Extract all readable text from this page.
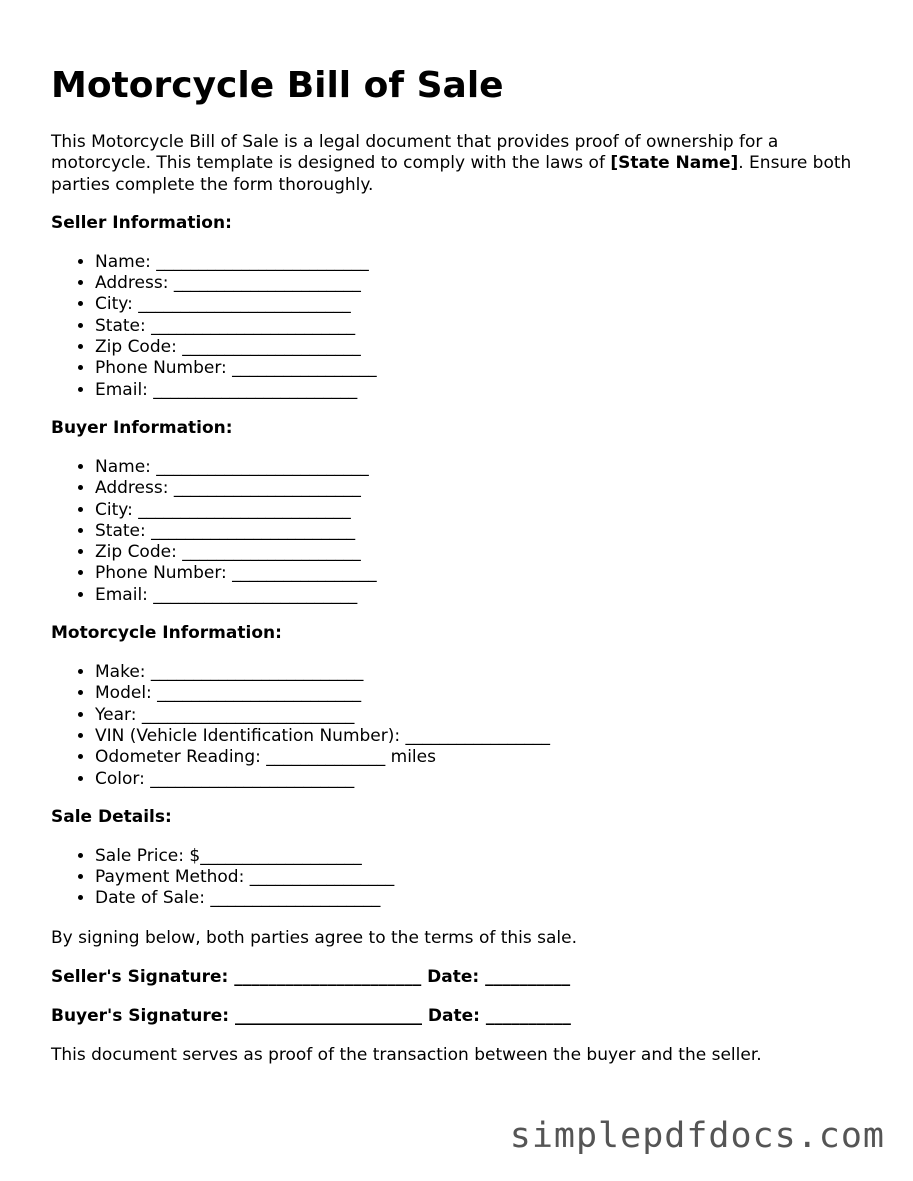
Motorcycle Bill of Sale

This Motorcycle Bill of Sale is a legal document that provides proof of ownership for a motorcycle. This template is designed to comply with the laws of [State Name]. Ensure both parties complete the form thoroughly.

Seller Information:
• Name: _________________________
• Address: ______________________
• City: _________________________
• State: ________________________
• Zip Code: _____________________
• Phone Number: _________________
• Email: ________________________
Buyer Information:
• Name: _________________________
• Address: ______________________
• City: _________________________
• State: ________________________
• Zip Code: _____________________
• Phone Number: _________________
• Email: ________________________
Motorcycle Information:
• Make: _________________________
• Model: ________________________
• Year: _________________________
• VIN (Vehicle Identification Number): _________________
• Odometer Reading: ______________ miles
• Color: ________________________
Sale Details:
• Sale Price: $___________________
• Payment Method: _________________
• Date of Sale: ____________________

By signing below, both parties agree to the terms of this sale.

Seller's Signature: ______________________ Date: __________
Buyer's Signature: ______________________ Date: __________

This document serves as proof of the transaction between the buyer and the seller.

simplepdfdocs.com
